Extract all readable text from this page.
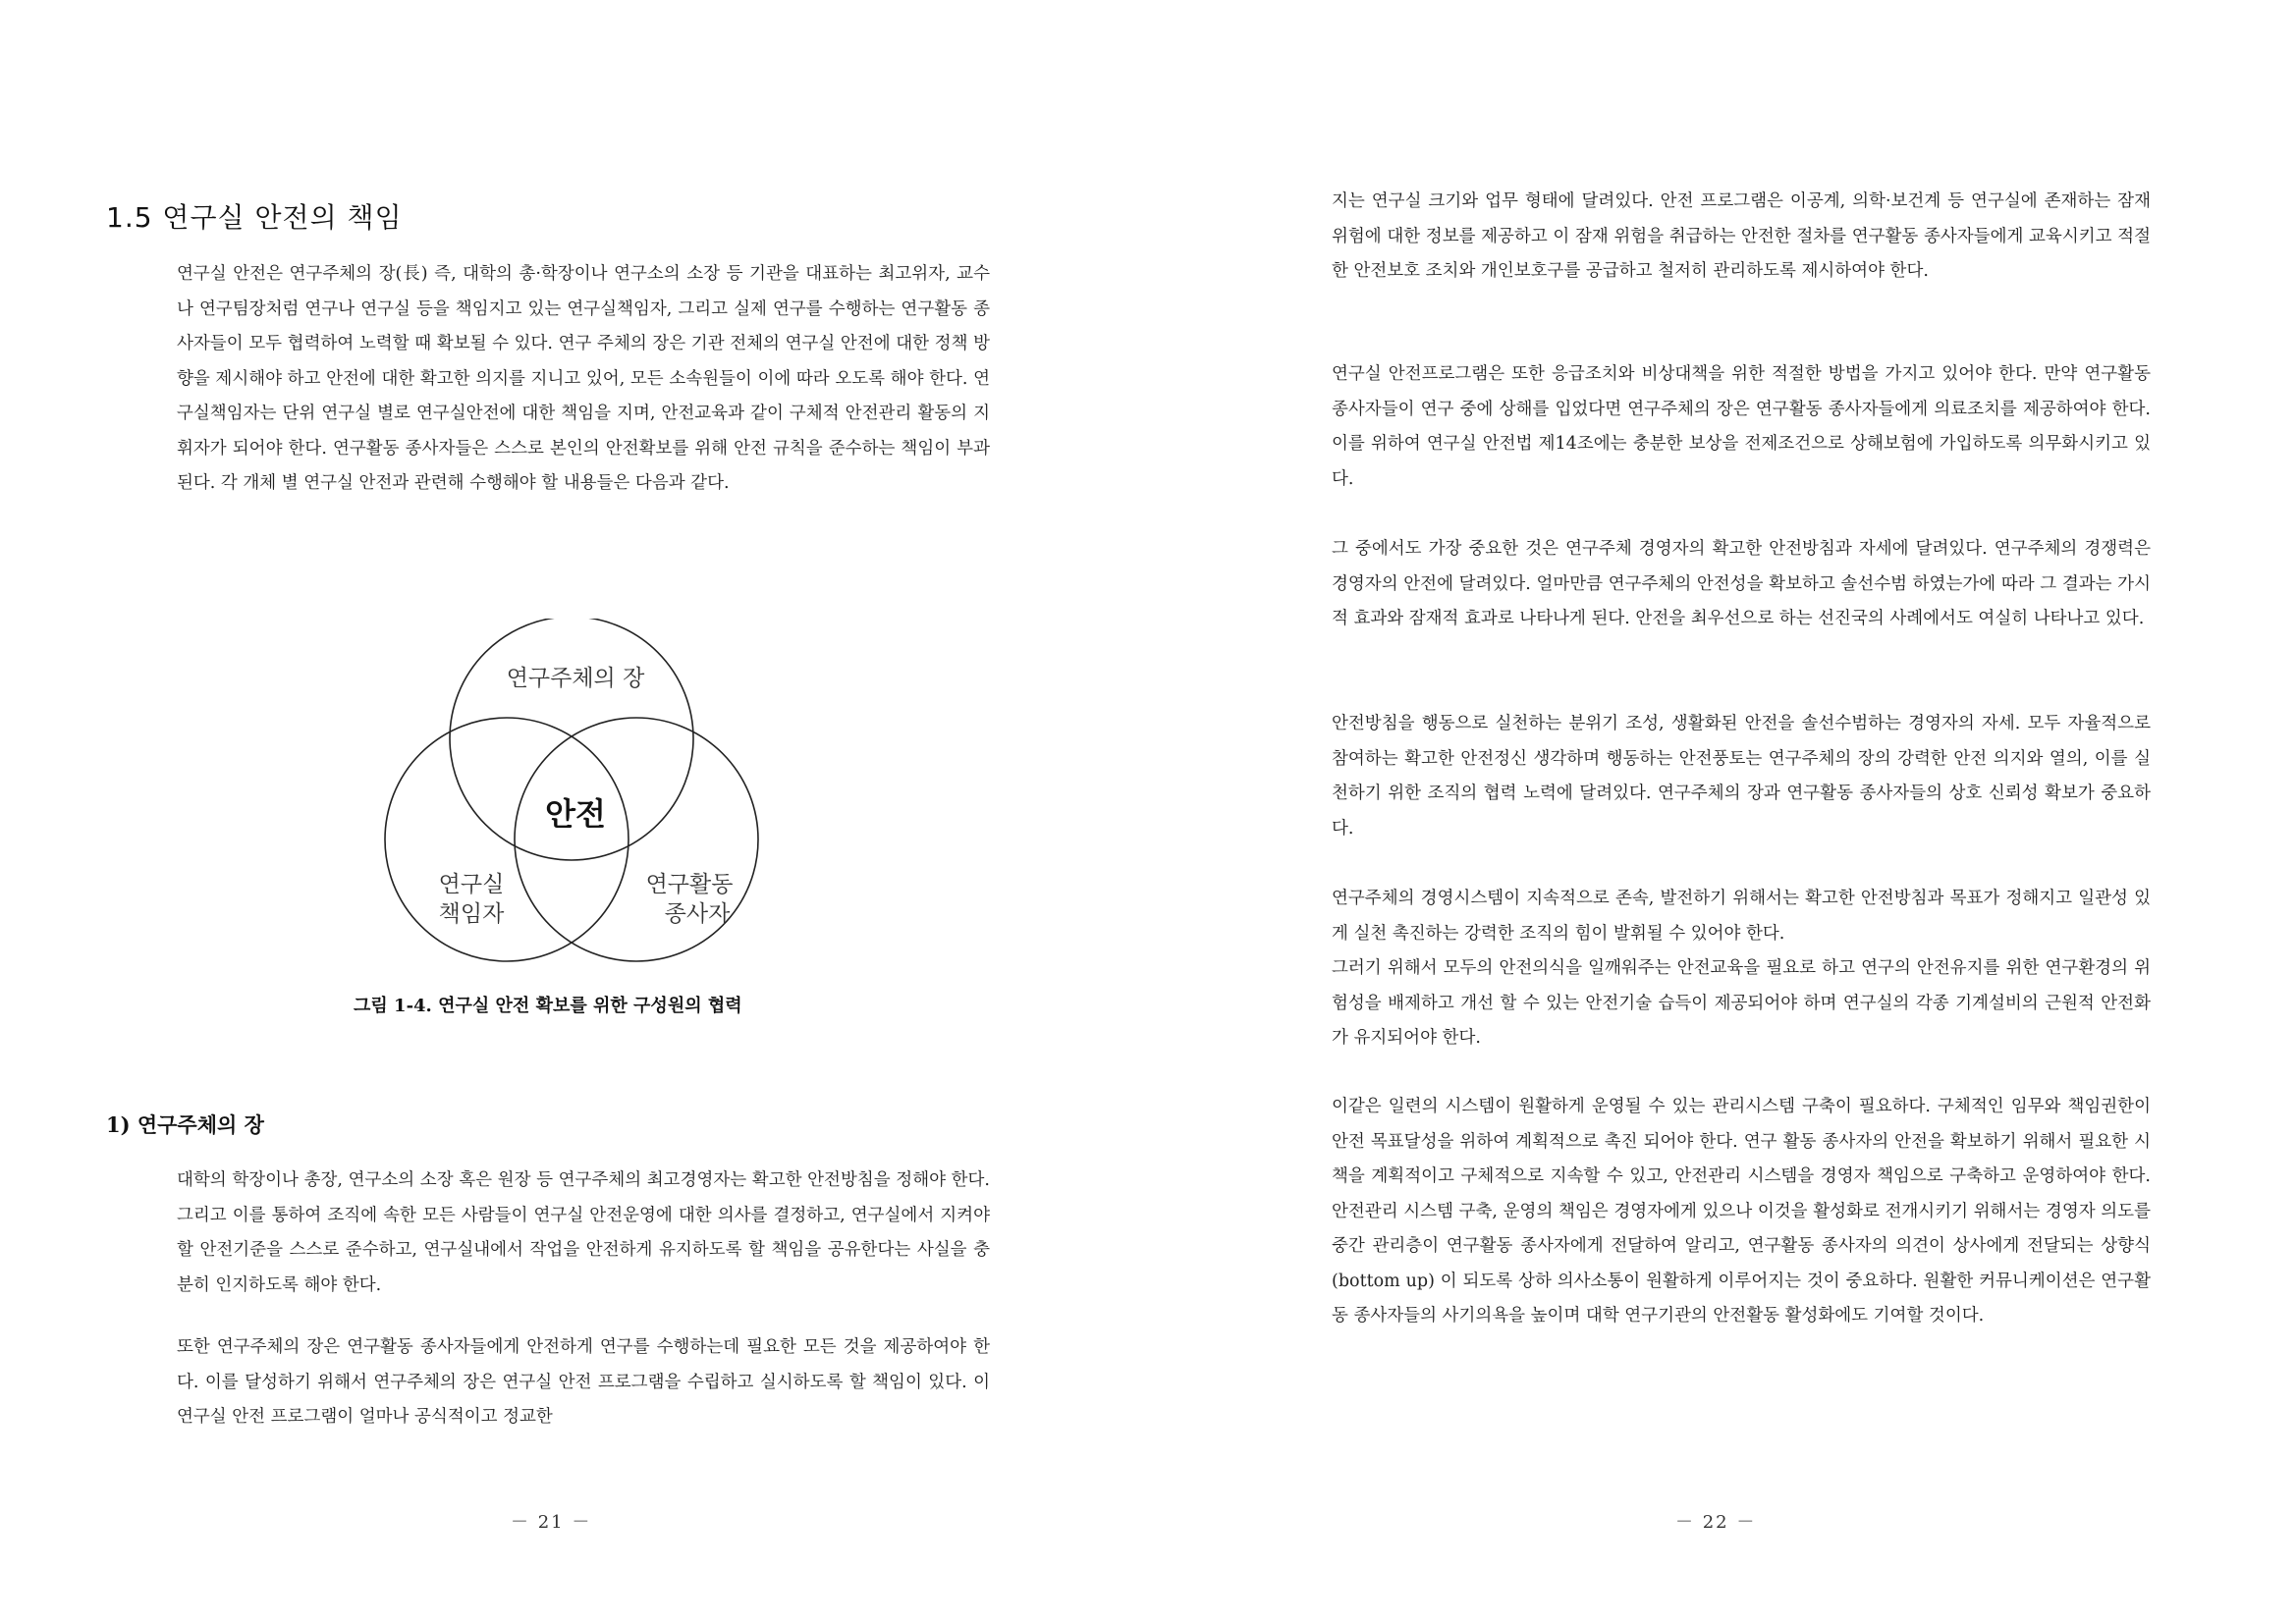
1.5 연구실 안전의 책임

연구실 안전은 연구주체의 장(長) 즉, 대학의 총·학장이나 연구소의 소장 등 기관을 대표하는 최고위자, 교수나 연구팀장처럼 연구나 연구실 등을 책임지고 있는 연구실책임자, 그리고 실제 연구를 수행하는 연구활동 종사자들이 모두 협력하여 노력할 때 확보될 수 있다. 연구 주체의 장은 기관 전체의 연구실 안전에 대한 정책 방향을 제시해야 하고 안전에 대한 확고한 의지를 지니고 있어, 모든 소속원들이 이에 따라 오도록 해야 한다. 연구실책임자는 단위 연구실 별로 연구실안전에 대한 책임을 지며, 안전교육과 같이 구체적 안전관리 활동의 지휘자가 되어야 한다. 연구활동 종사자들은 스스로 본인의 안전확보를 위해 안전 규칙을 준수하는 책임이 부과 된다. 각 개체 별 연구실 안전과 관련해 수행해야 할 내용들은 다음과 같다.

연구주체의 장
연구실
책임자
연구활동
종사자
안전
그림 1-4. 연구실 안전 확보를 위한 구성원의 협력
1) 연구주체의 장

대학의 학장이나 총장, 연구소의 소장 혹은 원장 등 연구주체의 최고경영자는 확고한 안전방침을 정해야 한다. 그리고 이를 통하여 조직에 속한 모든 사람들이 연구실 안전운영에 대한 의사를 결정하고, 연구실에서 지켜야 할 안전기준을 스스로 준수하고, 연구실내에서 작업을 안전하게 유지하도록 할 책임을 공유한다는 사실을 충분히 인지하도록 해야 한다.

또한 연구주체의 장은 연구활동 종사자들에게 안전하게 연구를 수행하는데 필요한 모든 것을 제공하여야 한다. 이를 달성하기 위해서 연구주체의 장은 연구실 안전 프로그램을 수립하고 실시하도록 할 책임이 있다. 이 연구실 안전 프로그램이 얼마나 공식적이고 정교한

－ 21 －

지는 연구실 크기와 업무 형태에 달려있다. 안전 프로그램은 이공계, 의학·보건계 등 연구실에 존재하는 잠재 위험에 대한 정보를 제공하고 이 잠재 위험을 취급하는 안전한 절차를 연구활동 종사자들에게 교육시키고 적절한 안전보호 조치와 개인보호구를 공급하고 철저히 관리하도록 제시하여야 한다.

연구실 안전프로그램은 또한 응급조치와 비상대책을 위한 적절한 방법을 가지고 있어야 한다. 만약 연구활동 종사자들이 연구 중에 상해를 입었다면 연구주체의 장은 연구활동 종사자들에게 의료조치를 제공하여야 한다. 이를 위하여 연구실 안전법 제14조에는 충분한 보상을 전제조건으로 상해보험에 가입하도록 의무화시키고 있다.

그 중에서도 가장 중요한 것은 연구주체 경영자의 확고한 안전방침과 자세에 달려있다. 연구주체의 경쟁력은 경영자의 안전에 달려있다. 얼마만큼 연구주체의 안전성을 확보하고 솔선수범 하였는가에 따라 그 결과는 가시적 효과와 잠재적 효과로 나타나게 된다. 안전을 최우선으로 하는 선진국의 사례에서도 여실히 나타나고 있다.

안전방침을 행동으로 실천하는 분위기 조성, 생활화된 안전을 솔선수범하는 경영자의 자세. 모두 자율적으로 참여하는 확고한 안전정신 생각하며 행동하는 안전풍토는 연구주체의 장의 강력한 안전 의지와 열의, 이를 실천하기 위한 조직의 협력 노력에 달려있다. 연구주체의 장과 연구활동 종사자들의 상호 신뢰성 확보가 중요하다.

연구주체의 경영시스템이 지속적으로 존속, 발전하기 위해서는 확고한 안전방침과 목표가 정해지고 일관성 있게 실천 촉진하는 강력한 조직의 힘이 발휘될 수 있어야 한다.

그러기 위해서 모두의 안전의식을 일깨워주는 안전교육을 필요로 하고 연구의 안전유지를 위한 연구환경의 위험성을 배제하고 개선 할 수 있는 안전기술 습득이 제공되어야 하며 연구실의 각종 기계설비의 근원적 안전화가 유지되어야 한다.

이같은 일련의 시스템이 원활하게 운영될 수 있는 관리시스템 구축이 필요하다. 구체적인 임무와 책임권한이 안전 목표달성을 위하여 계획적으로 촉진 되어야 한다. 연구 활동 종사자의 안전을 확보하기 위해서 필요한 시책을 계획적이고 구체적으로 지속할 수 있고, 안전관리 시스템을 경영자 책임으로 구축하고 운영하여야 한다. 안전관리 시스템 구축, 운영의 책임은 경영자에게 있으나 이것을 활성화로 전개시키기 위해서는 경영자 의도를 중간 관리층이 연구활동 종사자에게 전달하여 알리고, 연구활동 종사자의 의견이 상사에게 전달되는 상향식(bottom up) 이 되도록 상하 의사소통이 원활하게 이루어지는 것이 중요하다. 원활한 커뮤니케이션은 연구활동 종사자들의 사기의욕을 높이며 대학 연구기관의 안전활동 활성화에도 기여할 것이다.

－ 22 －
